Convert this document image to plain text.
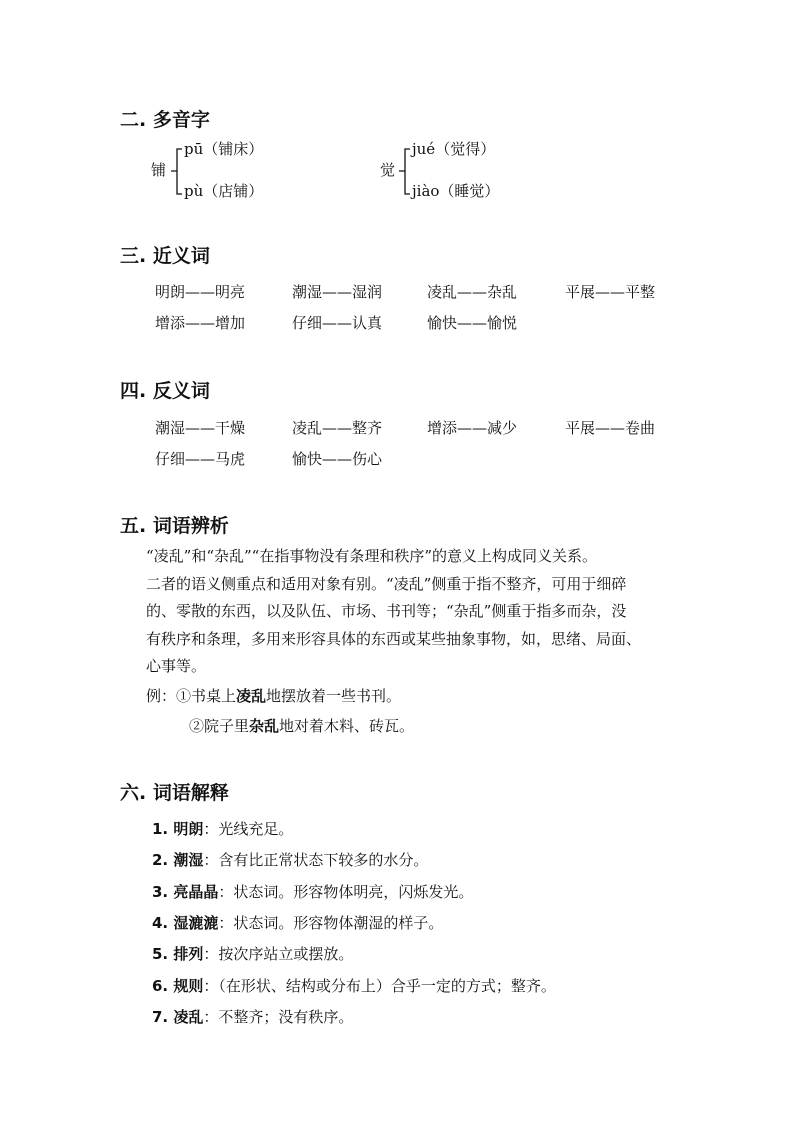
二. 多音字
铺
pū（铺床）
pù（店铺）
觉
jué（觉得）
jiào（睡觉）
三. 近义词
明朗——明亮	潮湿——湿润	凌乱——杂乱	平展——平整
增添——增加	仔细——认真	愉快——愉悦
四. 反义词
潮湿——干燥	凌乱——整齐	增添——减少	平展——卷曲
仔细——马虎	愉快——伤心
五. 词语辨析
“凌乱”和“杂乱”“在指事物没有条理和秩序”的意义上构成同义关系。
二者的语义侧重点和适用对象有别。“凌乱”侧重于指不整齐，可用于细碎
的、零散的东西，以及队伍、市场、书刊等；“杂乱”侧重于指多而杂，没
有秩序和条理，多用来形容具体的东西或某些抽象事物，如，思绪、局面、
心事等。
例：①书桌上凌乱地摆放着一些书刊。
②院子里杂乱地对着木料、砖瓦。
六. 词语解释
1. 明朗：光线充足。
2. 潮湿：含有比正常状态下较多的水分。
3. 亮晶晶：状态词。形容物体明亮，闪烁发光。
4. 湿漉漉：状态词。形容物体潮湿的样子。
5. 排列：按次序站立或摆放。
6. 规则：（在形状、结构或分布上）合乎一定的方式；整齐。
7. 凌乱：不整齐；没有秩序。
